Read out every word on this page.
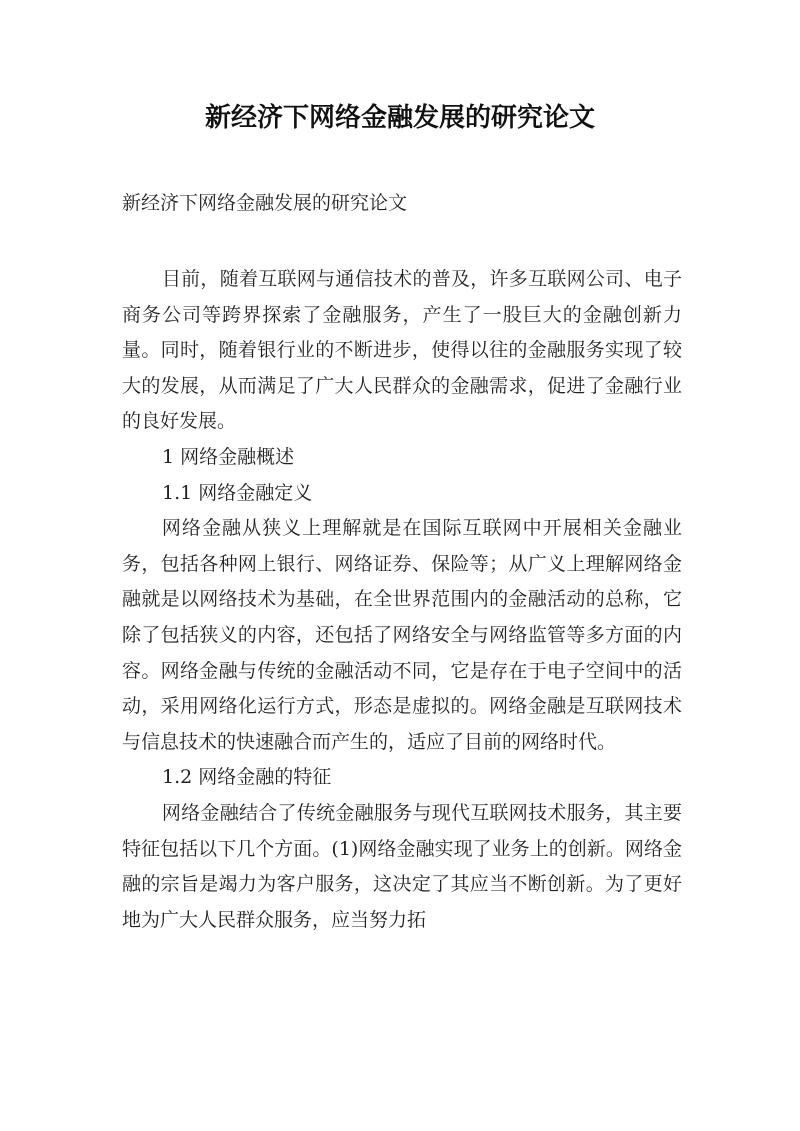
新经济下网络金融发展的研究论文

新经济下网络金融发展的研究论文

目前，随着互联网与通信技术的普及，许多互联网公司、电子商务公司等跨界探索了金融服务，产生了一股巨大的金融创新力量。同时，随着银行业的不断进步，使得以往的金融服务实现了较大的发展，从而满足了广大人民群众的金融需求，促进了金融行业的良好发展。

1 网络金融概述

1.1 网络金融定义

网络金融从狭义上理解就是在国际互联网中开展相关金融业务，包括各种网上银行、网络证券、保险等；从广义上理解网络金融就是以网络技术为基础，在全世界范围内的金融活动的总称，它除了包括狭义的内容，还包括了网络安全与网络监管等多方面的内容。网络金融与传统的金融活动不同，它是存在于电子空间中的活动，采用网络化运行方式，形态是虚拟的。网络金融是互联网技术与信息技术的快速融合而产生的，适应了目前的网络时代。

1.2 网络金融的特征

网络金融结合了传统金融服务与现代互联网技术服务，其主要特征包括以下几个方面。(1)网络金融实现了业务上的创新。网络金融的宗旨是竭力为客户服务，这决定了其应当不断创新。为了更好地为广大人民群众服务，应当努力拓
